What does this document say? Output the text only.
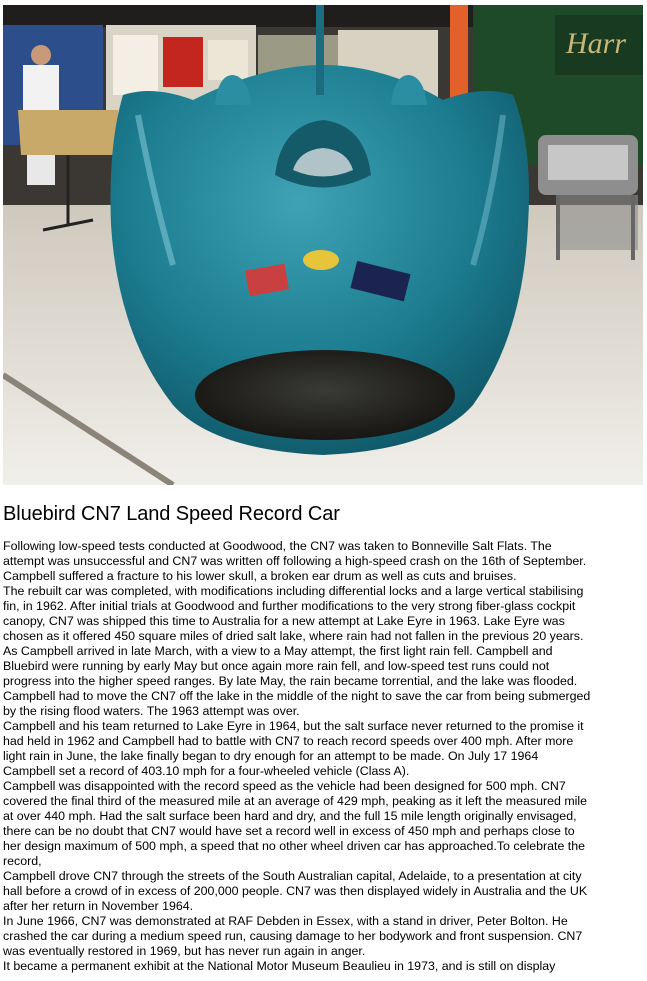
Harr
Bluebird CN7 Land Speed Record Car

Following low-speed tests conducted at Goodwood, the CN7 was taken to Bonneville Salt Flats. The attempt was unsuccessful and CN7 was written off following a high-speed crash on the 16th of September. Campbell suffered a fracture to his lower skull, a broken ear drum as well as cuts and bruises.

The rebuilt car was completed, with modifications including differential locks and a large vertical stabilising fin, in 1962. After initial trials at Goodwood and further modifications to the very strong fiber-glass cockpit canopy, CN7 was shipped this time to Australia for a new attempt at Lake Eyre in 1963. Lake Eyre was chosen as it offered 450 square miles of dried salt lake, where rain had not fallen in the previous 20 years. As Campbell arrived in late March, with a view to a May attempt, the first light rain fell. Campbell and Bluebird were running by early May but once again more rain fell, and low-speed test runs could not progress into the higher speed ranges. By late May, the rain became torrential, and the lake was flooded. Campbell had to move the CN7 off the lake in the middle of the night to save the car from being submerged by the rising flood waters. The 1963 attempt was over.

Campbell and his team returned to Lake Eyre in 1964, but the salt surface never returned to the promise it had held in 1962 and Campbell had to battle with CN7 to reach record speeds over 400 mph. After more light rain in June, the lake finally began to dry enough for an attempt to be made. On July 17 1964 Campbell set a record of 403.10 mph for a four-wheeled vehicle (Class A).

Campbell was disappointed with the record speed as the vehicle had been designed for 500 mph. CN7 covered the final third of the measured mile at an average of 429 mph, peaking as it left the measured mile at over 440 mph. Had the salt surface been hard and dry, and the full 15 mile length originally envisaged, there can be no doubt that CN7 would have set a record well in excess of 450 mph and perhaps close to her design maximum of 500 mph, a speed that no other wheel driven car has approached.To celebrate the record,

Campbell drove CN7 through the streets of the South Australian capital, Adelaide, to a presentation at city hall before a crowd of in excess of 200,000 people. CN7 was then displayed widely in Australia and the UK after her return in November 1964.

In June 1966, CN7 was demonstrated at RAF Debden in Essex, with a stand in driver, Peter Bolton. He crashed the car during a medium speed run, causing damage to her bodywork and front suspension. CN7 was eventually restored in 1969, but has never run again in anger.

It became a permanent exhibit at the National Motor Museum Beaulieu in 1973, and is still on display
